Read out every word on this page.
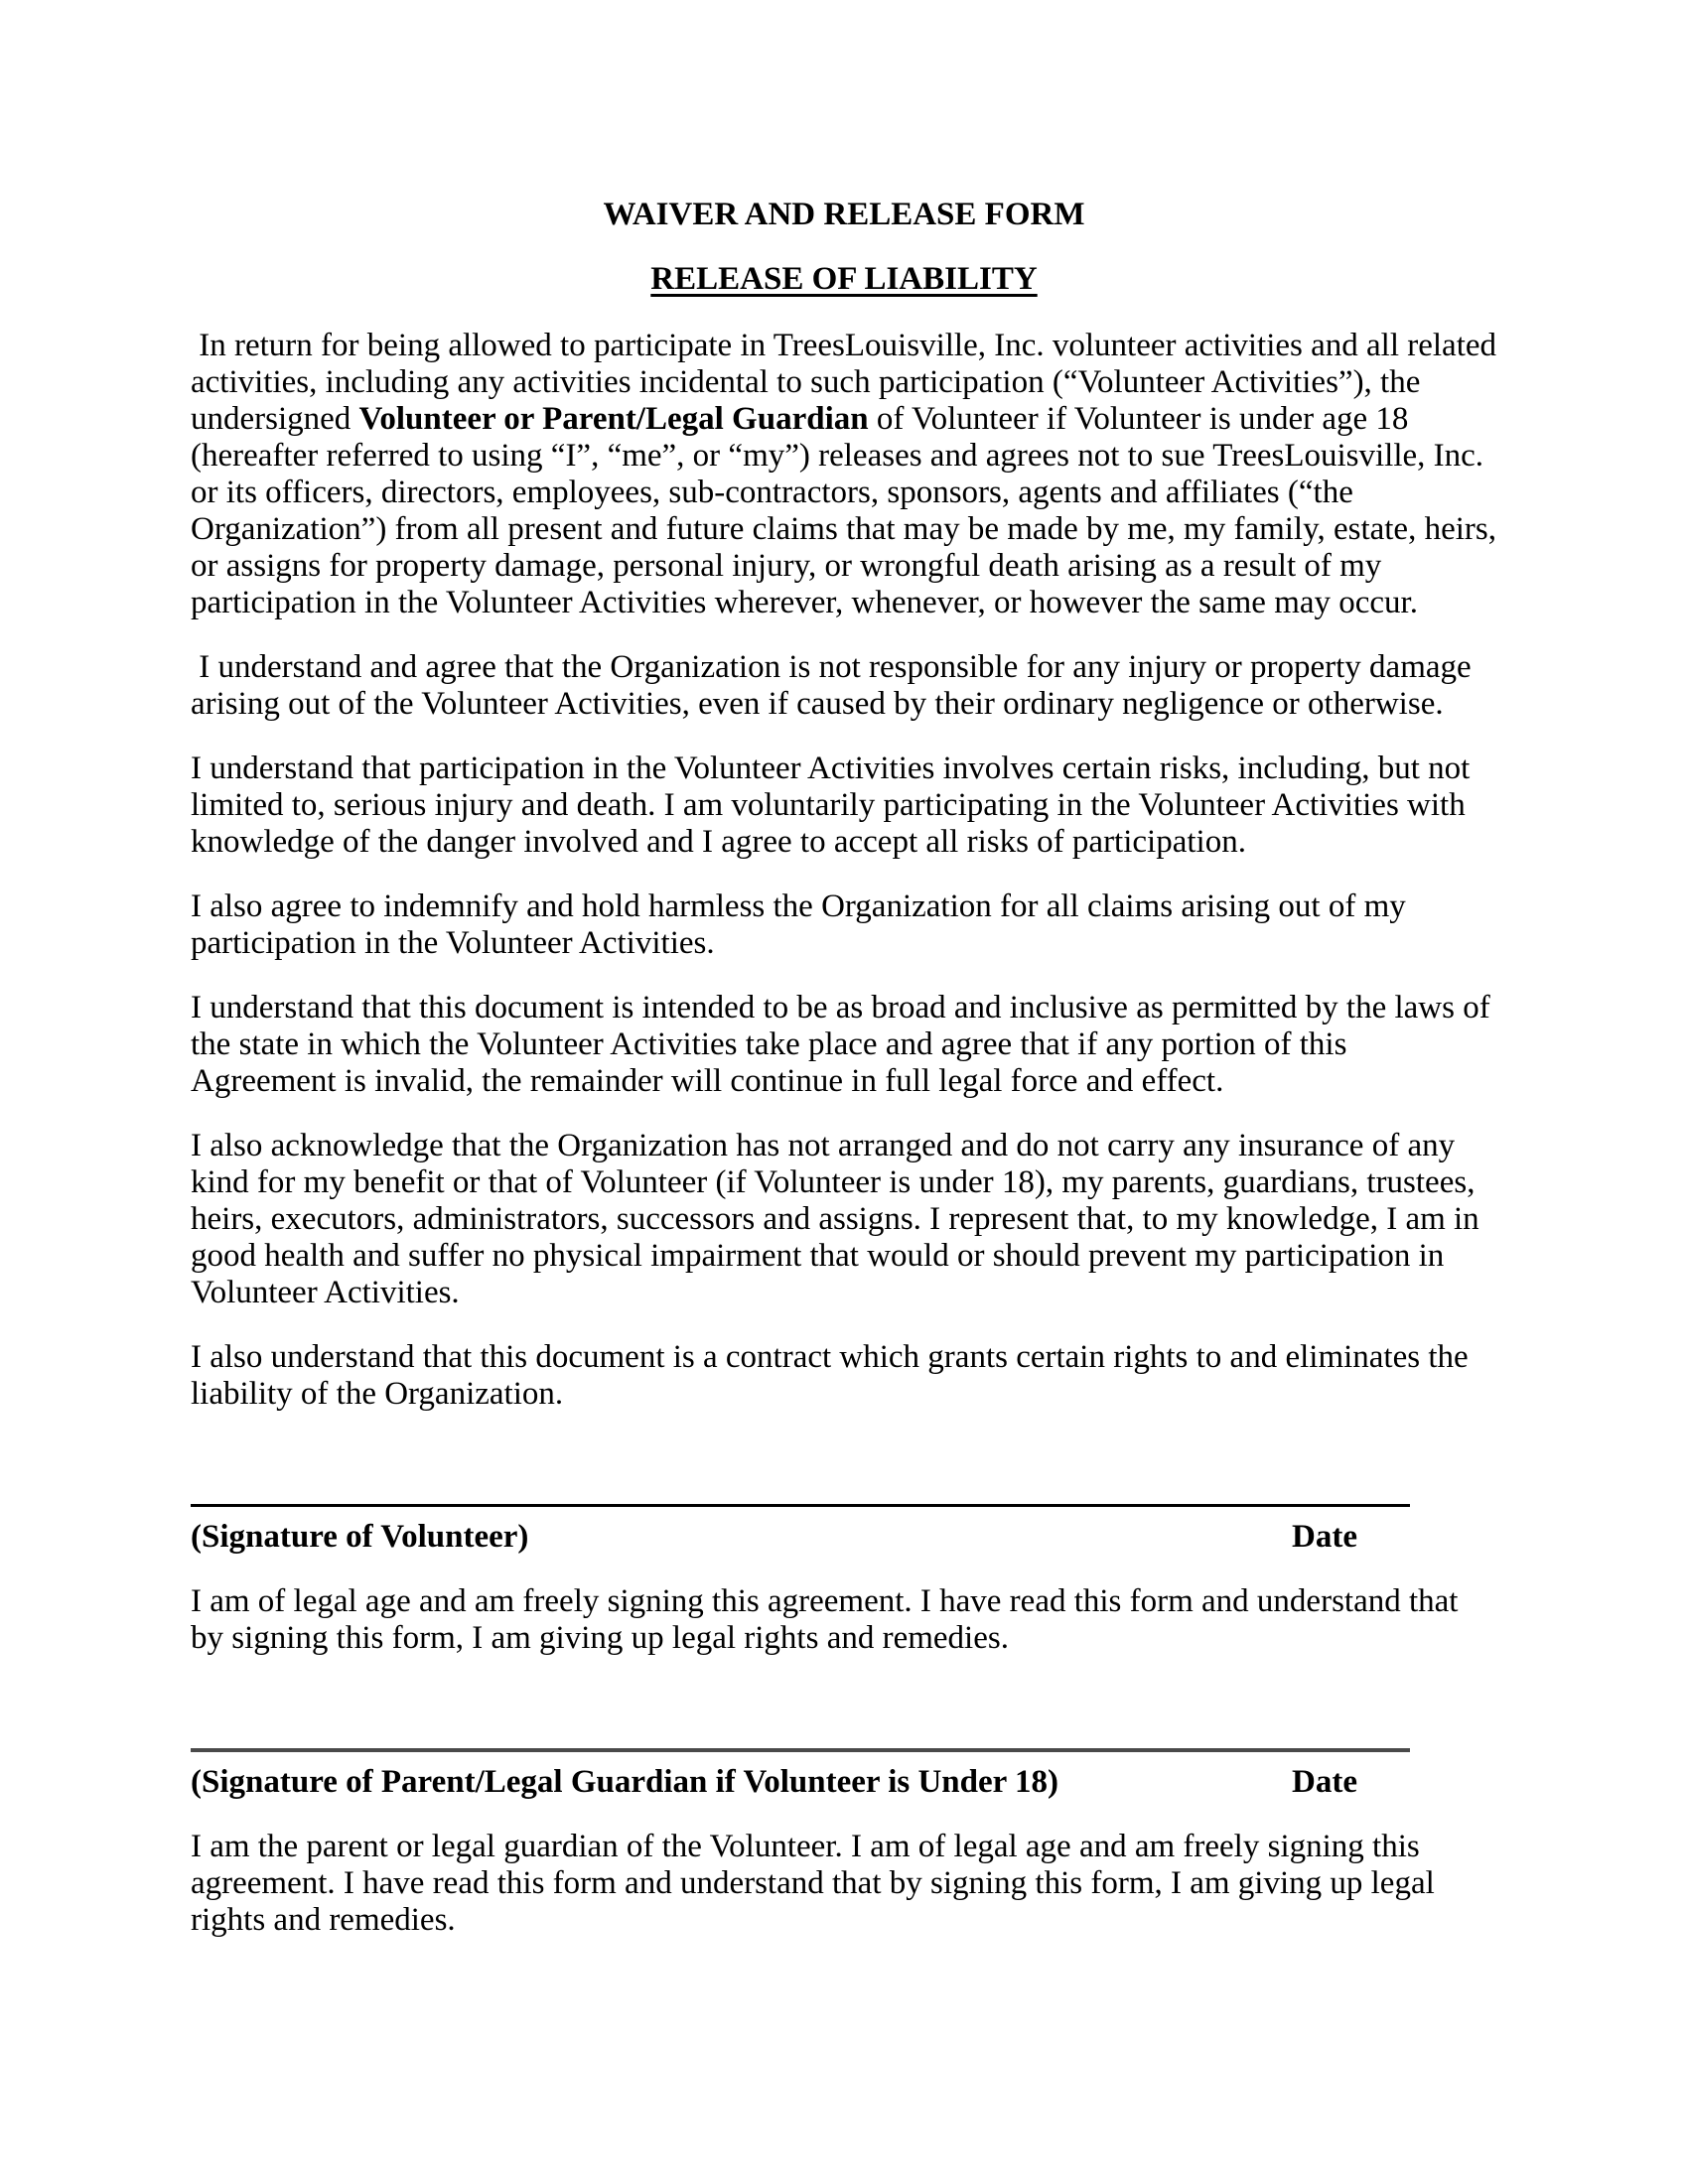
WAIVER AND RELEASE FORM
RELEASE OF LIABILITY

In return for being allowed to participate in TreesLouisville, Inc. volunteer activities and all related activities, including any activities incidental to such participation (“Volunteer Activities”), the undersigned Volunteer or Parent/Legal Guardian of Volunteer if Volunteer is under age 18 (hereafter referred to using “I”, “me”, or “my”) releases and agrees not to sue TreesLouisville, Inc. or its officers, directors, employees, sub-contractors, sponsors, agents and affiliates (“the Organization”) from all present and future claims that may be made by me, my family, estate, heirs, or assigns for property damage, personal injury, or wrongful death arising as a result of my participation in the Volunteer Activities wherever, whenever, or however the same may occur.

I understand and agree that the Organization is not responsible for any injury or property damage arising out of the Volunteer Activities, even if caused by their ordinary negligence or otherwise.

I understand that participation in the Volunteer Activities involves certain risks, including, but not limited to, serious injury and death. I am voluntarily participating in the Volunteer Activities with knowledge of the danger involved and I agree to accept all risks of participation.

I also agree to indemnify and hold harmless the Organization for all claims arising out of my participation in the Volunteer Activities.

I understand that this document is intended to be as broad and inclusive as permitted by the laws of the state in which the Volunteer Activities take place and agree that if any portion of this Agreement is invalid, the remainder will continue in full legal force and effect.

I also acknowledge that the Organization has not arranged and do not carry any insurance of any kind for my benefit or that of Volunteer (if Volunteer is under 18), my parents, guardians, trustees, heirs, executors, administrators, successors and assigns. I represent that, to my knowledge, I am in good health and suffer no physical impairment that would or should prevent my participation in Volunteer Activities.

I also understand that this document is a contract which grants certain rights to and eliminates the liability of the Organization.

(Signature of Volunteer)	Date

I am of legal age and am freely signing this agreement. I have read this form and understand that by signing this form, I am giving up legal rights and remedies.

(Signature of Parent/Legal Guardian if Volunteer is Under 18)	Date

I am the parent or legal guardian of the Volunteer. I am of legal age and am freely signing this agreement. I have read this form and understand that by signing this form, I am giving up legal rights and remedies.
